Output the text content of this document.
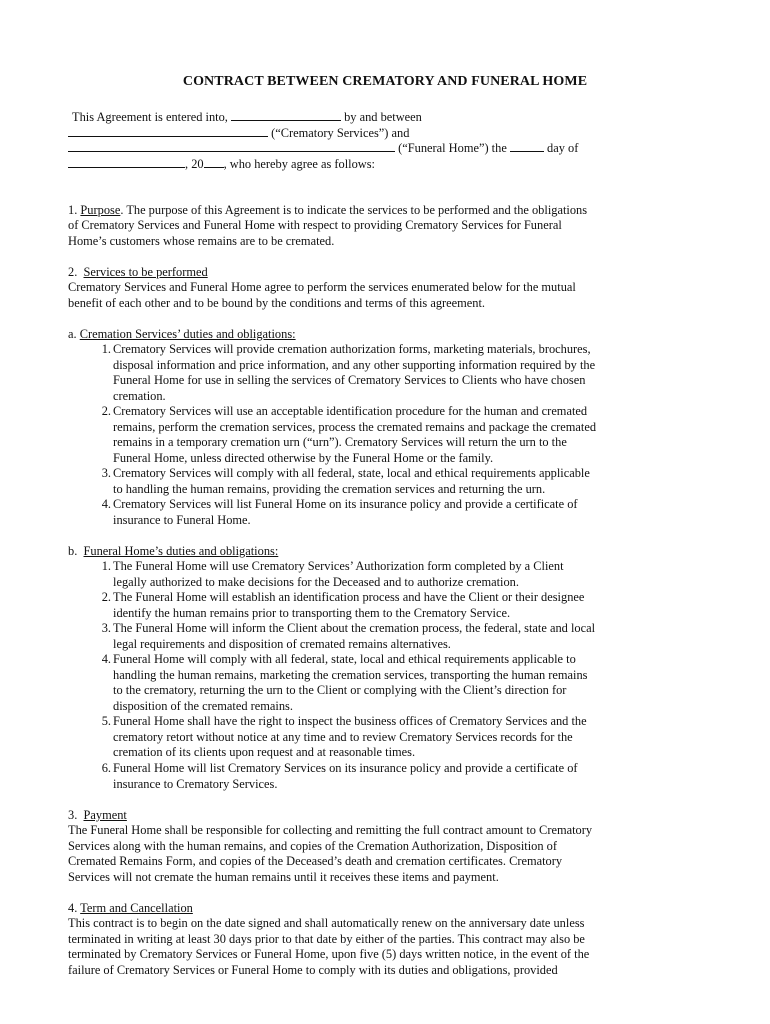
CONTRACT BETWEEN CREMATORY AND FUNERAL HOME
This Agreement is entered into,	by and between
(“Crematory Services”) and
(“Funeral Home”) the	day of
, 20 , who hereby agree as follows:
1. Purpose. The purpose of this Agreement is to indicate the services to be performed and the obligations
of Crematory Services and Funeral Home with respect to providing Crematory Services for Funeral
Home’s customers whose remains are to be cremated.
2. Services to be performed
Crematory Services and Funeral Home agree to perform the services enumerated below for the mutual
benefit of each other and to be bound by the conditions and terms of this agreement.
a. Cremation Services’ duties and obligations:
1. Crematory Services will provide cremation authorization forms, marketing materials, brochures,
disposal information and price information, and any other supporting information required by the
Funeral Home for use in selling the services of Crematory Services to Clients who have chosen
cremation.
2. Crematory Services will use an acceptable identification procedure for the human and cremated
remains, perform the cremation services, process the cremated remains and package the cremated
remains in a temporary cremation urn (“urn”). Crematory Services will return the urn to the
Funeral Home, unless directed otherwise by the Funeral Home or the family.
3. Crematory Services will comply with all federal, state, local and ethical requirements applicable
to handling the human remains, providing the cremation services and returning the urn.
4. Crematory Services will list Funeral Home on its insurance policy and provide a certificate of
insurance to Funeral Home.
b. Funeral Home’s duties and obligations:
1. The Funeral Home will use Crematory Services’ Authorization form completed by a Client
legally authorized to make decisions for the Deceased and to authorize cremation.
2. The Funeral Home will establish an identification process and have the Client or their designee
identify the human remains prior to transporting them to the Crematory Service.
3. The Funeral Home will inform the Client about the cremation process, the federal, state and local
legal requirements and disposition of cremated remains alternatives.
4. Funeral Home will comply with all federal, state, local and ethical requirements applicable to
handling the human remains, marketing the cremation services, transporting the human remains
to the crematory, returning the urn to the Client or complying with the Client’s direction for
disposition of the cremated remains.
5. Funeral Home shall have the right to inspect the business offices of Crematory Services and the
crematory retort without notice at any time and to review Crematory Services records for the
cremation of its clients upon request and at reasonable times.
6. Funeral Home will list Crematory Services on its insurance policy and provide a certificate of
insurance to Crematory Services.
3. Payment
The Funeral Home shall be responsible for collecting and remitting the full contract amount to Crematory
Services along with the human remains, and copies of the Cremation Authorization, Disposition of
Cremated Remains Form, and copies of the Deceased’s death and cremation certificates. Crematory
Services will not cremate the human remains until it receives these items and payment.
4. Term and Cancellation
This contract is to begin on the date signed and shall automatically renew on the anniversary date unless
terminated in writing at least 30 days prior to that date by either of the parties. This contract may also be
terminated by Crematory Services or Funeral Home, upon five (5) days written notice, in the event of the
failure of Crematory Services or Funeral Home to comply with its duties and obligations, provided
